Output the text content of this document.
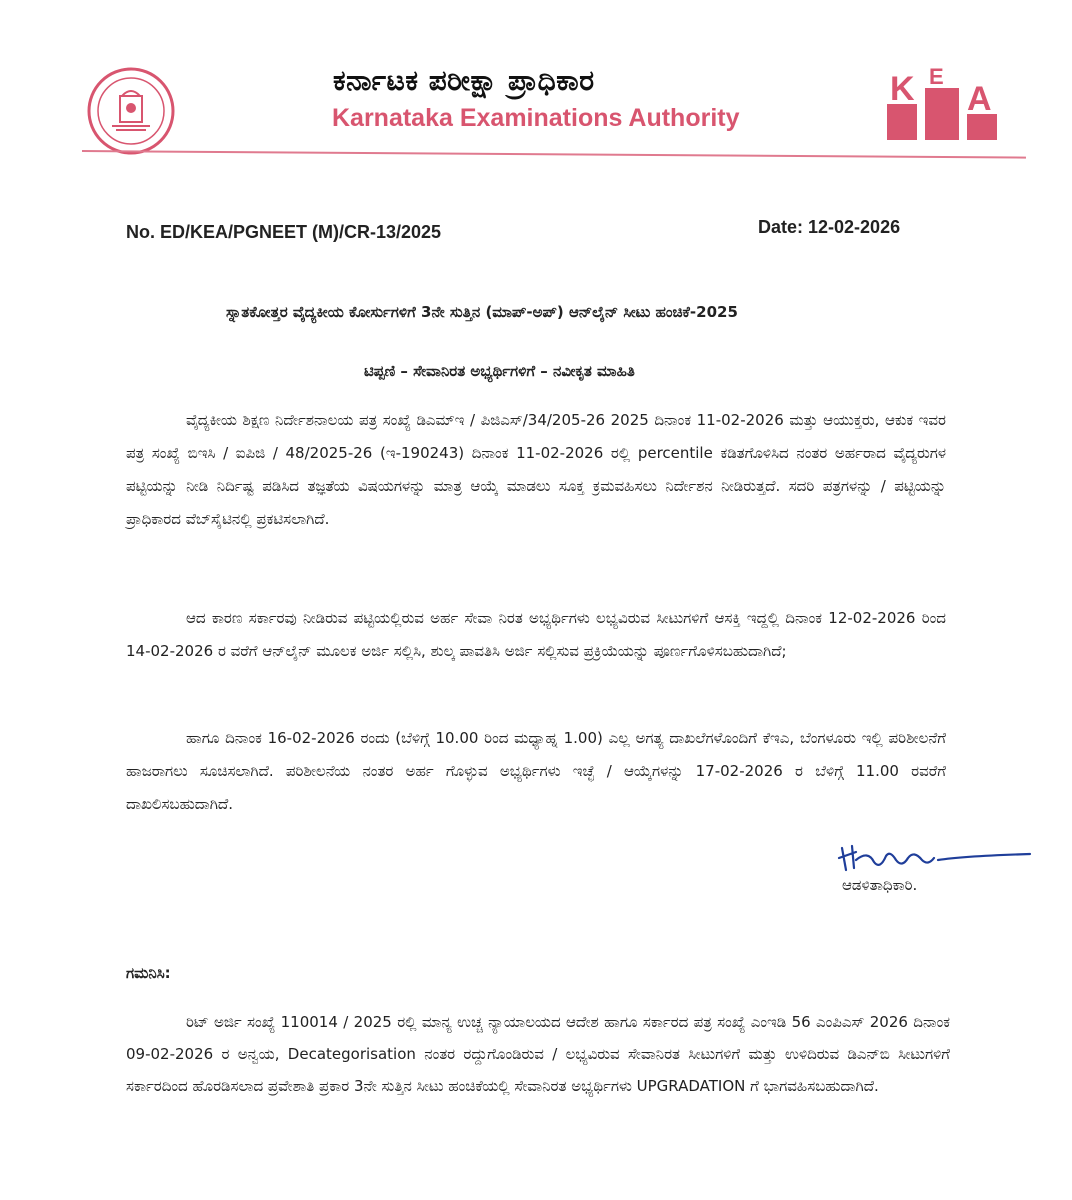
ಕರ್ನಾಟಕ ಪರೀಕ್ಷಾ ಪ್ರಾಧಿಕಾರ
Karnataka Examinations Authority
K E
A
No. ED/KEA/PGNEET (M)/CR-13/2025	Date: 12-02-2026
ಸ್ನಾತಕೋತ್ತರ ವೈದ್ಯಕೀಯ ಕೋರ್ಸುಗಳಿಗೆ 3ನೇ ಸುತ್ತಿನ (ಮಾಪ್-ಅಪ್) ಆನ್‌ಲೈನ್ ಸೀಟು ಹಂಚಿಕೆ-2025
ಟಿಪ್ಪಣಿ – ಸೇವಾನಿರತ ಅಭ್ಯರ್ಥಿಗಳಿಗೆ – ನವೀಕೃತ ಮಾಹಿತಿ

ವೈದ್ಯಕೀಯ ಶಿಕ್ಷಣ ನಿರ್ದೇಶನಾಲಯ ಪತ್ರ ಸಂಖ್ಯೆ ಡಿಎಮ್‌ಇ / ಪಿಜಿಎಸ್/34/205-26 2025 ದಿನಾಂಕ 11-02-2026 ಮತ್ತು ಆಯುಕ್ತರು, ಆಕುಕ ಇವರ ಪತ್ರ ಸಂಖ್ಯೆ ಬಿಇಸಿ / ಐಪಿಜಿ / 48/2025-26 (ಇ-190243) ದಿನಾಂಕ 11-02-2026 ರಲ್ಲಿ percentile ಕಡಿತಗೊಳಿಸಿದ ನಂತರ ಅರ್ಹರಾದ ವೈದ್ಯರುಗಳ ಪಟ್ಟಿಯನ್ನು ನೀಡಿ ನಿರ್ದಿಷ್ಟ ಪಡಿಸಿದ ತಜ್ಞತೆಯ ವಿಷಯಗಳನ್ನು ಮಾತ್ರ ಆಯ್ಕೆ ಮಾಡಲು ಸೂಕ್ತ ಕ್ರಮವಹಿಸಲು ನಿರ್ದೇಶನ ನೀಡಿರುತ್ತದೆ. ಸದರಿ ಪತ್ರಗಳನ್ನು / ಪಟ್ಟಿಯನ್ನು ಪ್ರಾಧಿಕಾರದ ವೆಬ್‌ಸೈಟಿನಲ್ಲಿ ಪ್ರಕಟಿಸಲಾಗಿದೆ.

ಆದ ಕಾರಣ ಸರ್ಕಾರವು ನೀಡಿರುವ ಪಟ್ಟಿಯಲ್ಲಿರುವ ಅರ್ಹ ಸೇವಾ ನಿರತ ಅಭ್ಯರ್ಥಿಗಳು ಲಭ್ಯವಿರುವ ಸೀಟುಗಳಿಗೆ ಆಸಕ್ತಿ ಇದ್ದಲ್ಲಿ ದಿನಾಂಕ 12-02-2026 ರಿಂದ 14-02-2026 ರ ವರೆಗೆ ಆನ್‌ಲೈನ್ ಮೂಲಕ ಅರ್ಜಿ ಸಲ್ಲಿಸಿ, ಶುಲ್ಕ ಪಾವತಿಸಿ ಅರ್ಜಿ ಸಲ್ಲಿಸುವ ಪ್ರಕ್ರಿಯೆಯನ್ನು ಪೂರ್ಣಗೊಳಿಸಬಹುದಾಗಿದೆ;

ಹಾಗೂ ದಿನಾಂಕ 16-02-2026 ರಂದು (ಬೆಳಿಗ್ಗೆ 10.00 ರಿಂದ ಮಧ್ಯಾಹ್ನ 1.00) ಎಲ್ಲ ಅಗತ್ಯ ದಾಖಲೆಗಳೊಂದಿಗೆ ಕೆಇಎ, ಬೆಂಗಳೂರು ಇಲ್ಲಿ ಪರಿಶೀಲನೆಗೆ ಹಾಜರಾಗಲು ಸೂಚಿಸಲಾಗಿದೆ. ಪರಿಶೀಲನೆಯ ನಂತರ ಅರ್ಹ ಗೊಳ್ಳುವ ಅಭ್ಯರ್ಥಿಗಳು ಇಚ್ಛೆ / ಆಯ್ಕೆಗಳನ್ನು 17-02-2026 ರ ಬೆಳಿಗ್ಗೆ 11.00 ರವರೆಗೆ ದಾಖಲಿಸಬಹುದಾಗಿದೆ.

ಆಡಳಿತಾಧಿಕಾರಿ.
ಗಮನಿಸಿ:

ರಿಟ್ ಅರ್ಜಿ ಸಂಖ್ಯೆ 110014 / 2025 ರಲ್ಲಿ ಮಾನ್ಯ ಉಚ್ಚ ನ್ಯಾಯಾಲಯದ ಆದೇಶ ಹಾಗೂ ಸರ್ಕಾರದ ಪತ್ರ ಸಂಖ್ಯೆ ಎಂಇಡಿ 56 ಎಂಪಿಎಸ್ 2026 ದಿನಾಂಕ 09-02-2026 ರ ಅನ್ವಯ, Decategorisation ನಂತರ ರದ್ದುಗೊಂಡಿರುವ / ಲಭ್ಯವಿರುವ ಸೇವಾನಿರತ ಸೀಟುಗಳಿಗೆ ಮತ್ತು ಉಳಿದಿರುವ ಡಿಎನ್‌ಬಿ ಸೀಟುಗಳಿಗೆ ಸರ್ಕಾರದಿಂದ ಹೊರಡಿಸಲಾದ ಪ್ರವೇಶಾತಿ ಪ್ರಕಾರ 3ನೇ ಸುತ್ತಿನ ಸೀಟು ಹಂಚಿಕೆಯಲ್ಲಿ ಸೇವಾನಿರತ ಅಭ್ಯರ್ಥಿಗಳು UPGRADATION ಗೆ ಭಾಗವಹಿಸಬಹುದಾಗಿದೆ.
